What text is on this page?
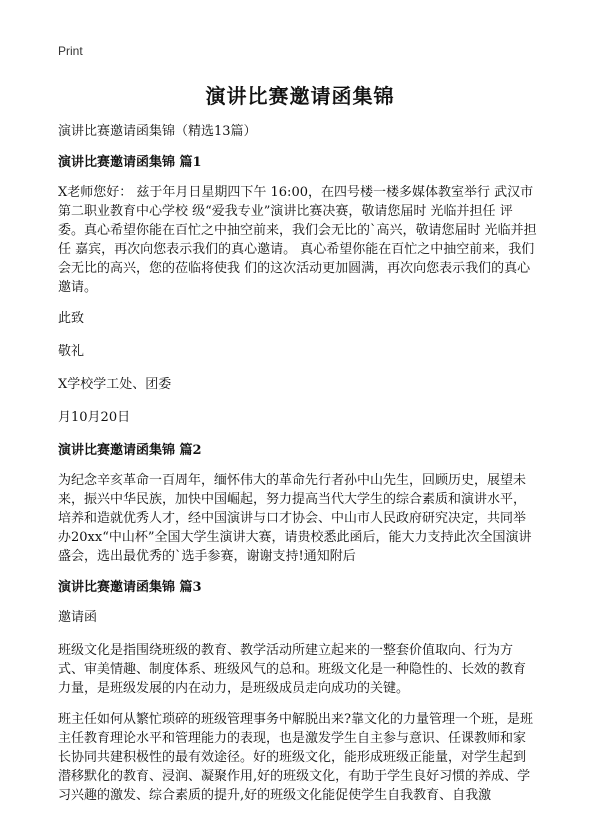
Print
演讲比赛邀请函集锦

演讲比赛邀请函集锦（精选13篇）

演讲比赛邀请函集锦 篇1

X老师您好： 兹于年月日星期四下午 16:00，在四号楼一楼多媒体教室举行 武汉市第二职业教育中心学校 级“爱我专业”演讲比赛决赛，敬请您届时 光临并担任 评委。真心希望你能在百忙之中抽空前来，我们会无比的`高兴，敬请您届时 光临并担任 嘉宾，再次向您表示我们的真心邀请。 真心希望你能在百忙之中抽空前来，我们会无比的高兴，您的莅临将使我 们的这次活动更加圆满，再次向您表示我们的真心邀请。

此致

敬礼

X学校学工处、团委

月10月20日

演讲比赛邀请函集锦 篇2

为纪念辛亥革命一百周年，缅怀伟大的革命先行者孙中山先生，回顾历史，展望未来，振兴中华民族，加快中国崛起，努力提高当代大学生的综合素质和演讲水平，培养和造就优秀人才，经中国演讲与口才协会、中山市人民政府研究决定，共同举办20xx“中山杯”全国大学生演讲大赛，请贵校悉此函后，能大力支持此次全国演讲盛会，选出最优秀的`选手参赛，谢谢支持!通知附后

演讲比赛邀请函集锦 篇3

邀请函

班级文化是指围绕班级的教育、教学活动所建立起来的一整套价值取向、行为方式、审美情趣、制度体系、班级风气的总和。班级文化是一种隐性的、长效的教育力量，是班级发展的内在动力，是班级成员走向成功的关键。

班主任如何从繁忙琐碎的班级管理事务中解脱出来?靠文化的力量管理一个班，是班主任教育理论水平和管理能力的表现，也是激发学生自主参与意识、任课教师和家长协同共建积极性的最有效途径。好的班级文化，能形成班级正能量，对学生起到潜移默化的教育、浸润、凝聚作用,好的班级文化，有助于学生良好习惯的养成、学习兴趣的激发、综合素质的提升,好的班级文化能促使学生自我教育、自我激
